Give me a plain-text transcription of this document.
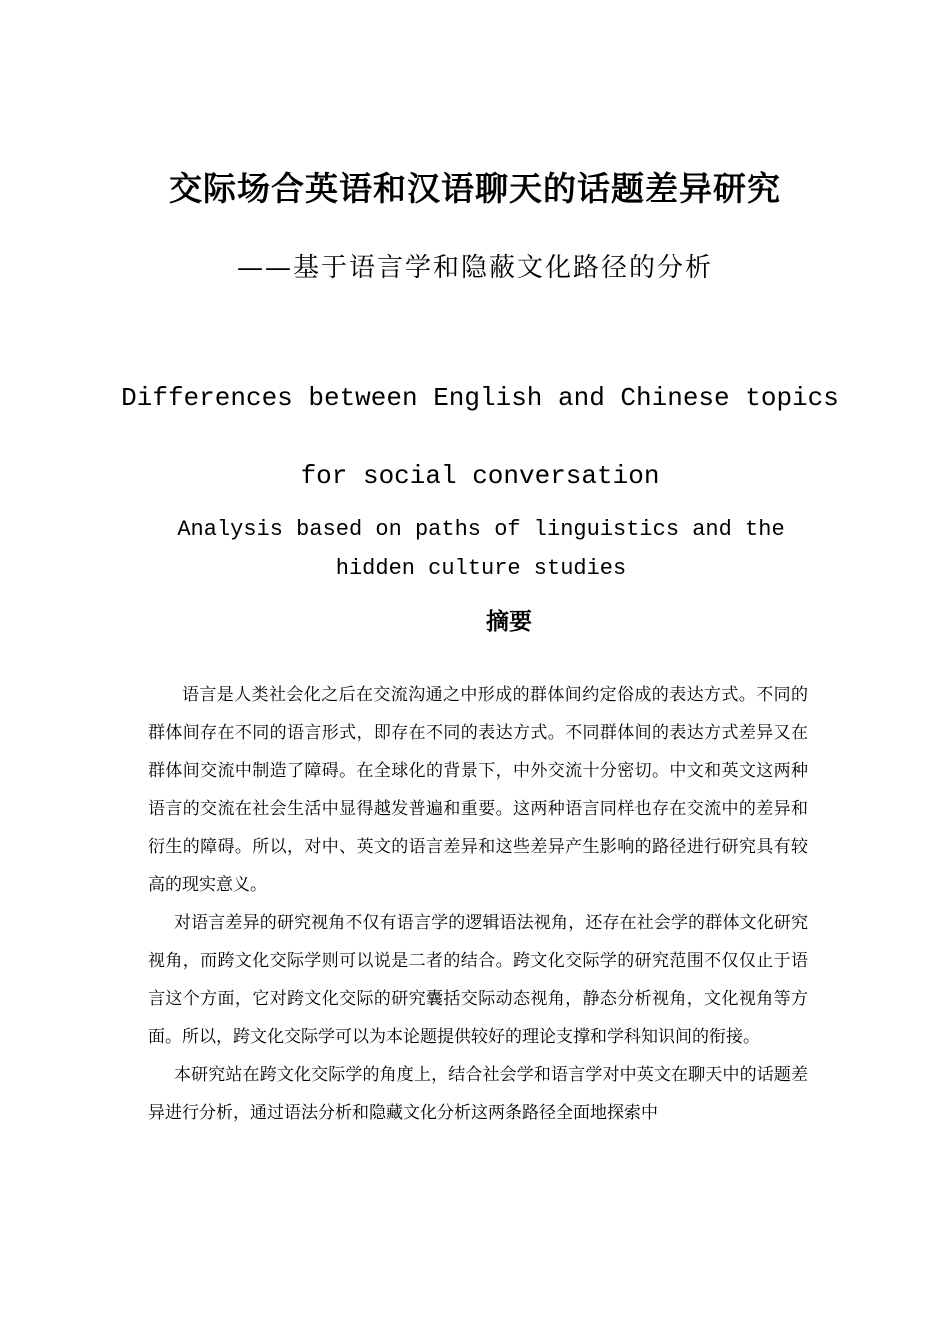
交际场合英语和汉语聊天的话题差异研究
——基于语言学和隐蔽文化路径的分析
Differences between English and Chinese topics
for social conversation
Analysis based on paths of linguistics and the
hidden culture studies
摘要

语言是人类社会化之后在交流沟通之中形成的群体间约定俗成的表达方式。不同的群体间存在不同的语言形式，即存在不同的表达方式。不同群体间的表达方式差异又在群体间交流中制造了障碍。在全球化的背景下，中外交流十分密切。中文和英文这两种语言的交流在社会生活中显得越发普遍和重要。这两种语言同样也存在交流中的差异和衍生的障碍。所以，对中、英文的语言差异和这些差异产生影响的路径进行研究具有较高的现实意义。

对语言差异的研究视角不仅有语言学的逻辑语法视角，还存在社会学的群体文化研究视角，而跨文化交际学则可以说是二者的结合。跨文化交际学的研究范围不仅仅止于语言这个方面，它对跨文化交际的研究囊括交际动态视角，静态分析视角，文化视角等方面。所以，跨文化交际学可以为本论题提供较好的理论支撑和学科知识间的衔接。

本研究站在跨文化交际学的角度上，结合社会学和语言学对中英文在聊天中的话题差异进行分析，通过语法分析和隐藏文化分析这两条路径全面地探索中
